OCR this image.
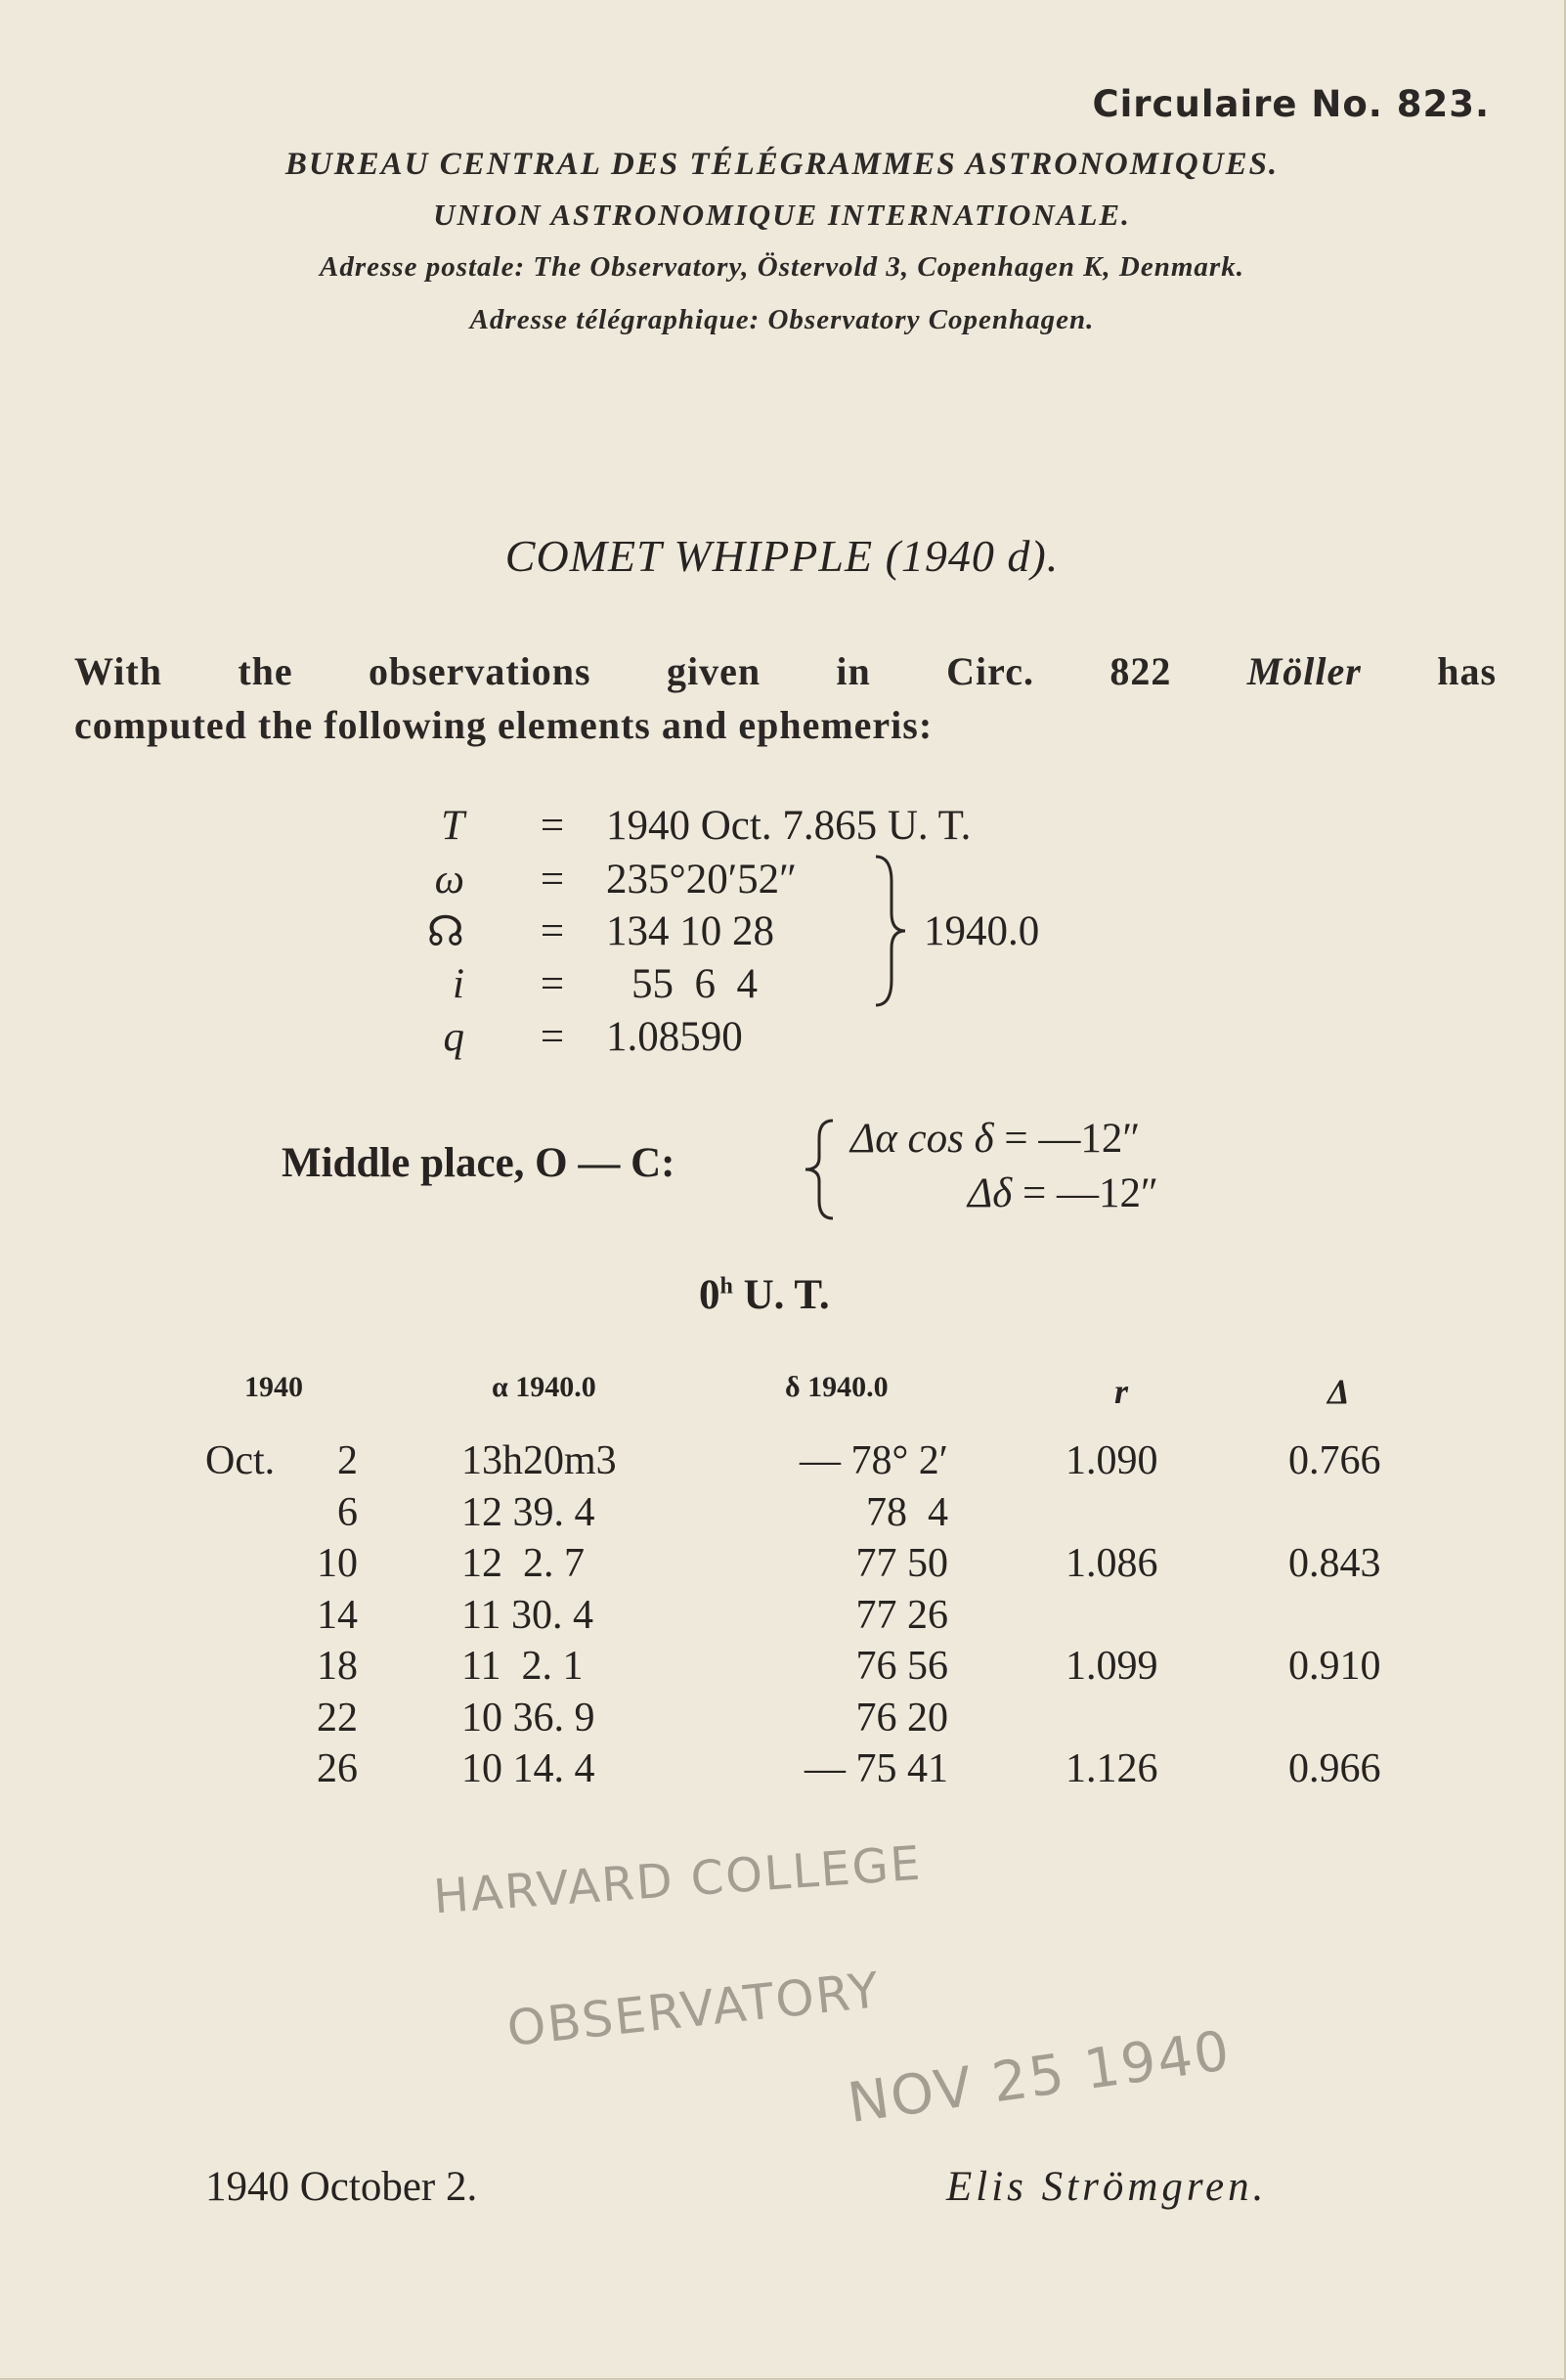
Circulaire No. 823.
BUREAU CENTRAL DES TÉLÉGRAMMES ASTRONOMIQUES.
UNION ASTRONOMIQUE INTERNATIONALE.
Adresse postale: The Observatory, Östervold 3, Copenhagen K, Denmark.
Adresse télégraphique: Observatory Copenhagen.
COMET WHIPPLE (1940 d).
With the observations given in Circ. 822 Möller has
computed the following elements and ephemeris:
T	= 1940 Oct. 7.865 U. T.
ω	= 235°20′52″
☊	= 134 10 28
i	=	55  6  4
q	= 1.08590
1940.0
Middle place, O — C:
Δα cos δ = —12″
Δδ = —12″
0$^h$ U. T.
1940	α 1940.0	δ 1940.0	r	Δ
Oct.	2	13h20m3	— 78° 2′	1.090	0.766
6	12 39. 4	78  4
10	12  2. 7	77 50	1.086	0.843
14	11 30. 4	77 26
18	11  2. 1	76 56	1.099	0.910
22	10 36. 9	76 20
26	10 14. 4	— 75 41	1.126	0.966
HARVARD COLLEGE
OBSERVATORY
NOV 25 1940
1940 October 2.	Elis Strömgren.
